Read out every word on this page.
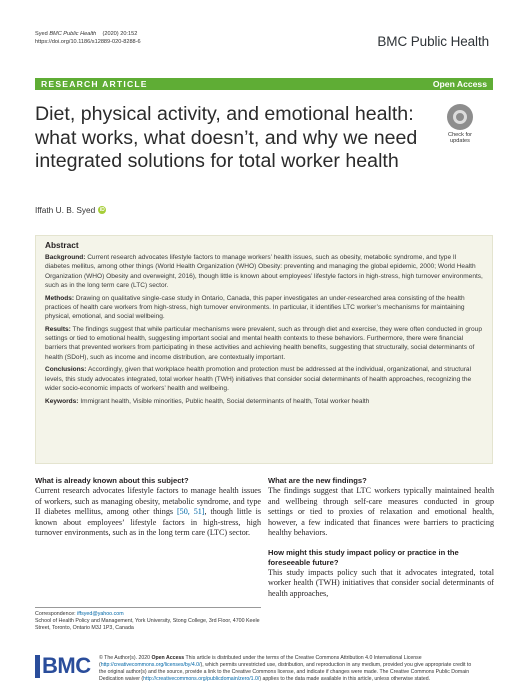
Syed BMC Public Health (2020) 20:152
https://doi.org/10.1186/s12889-020-8288-6	BMC Public Health
RESEARCH ARTICLE	Open Access
Diet, physical activity, and emotional health: what works, what doesn’t, and why we need integrated solutions for total worker health
Check for
updates
Iffath U. B. Syed iD
Abstract

Background: Current research advocates lifestyle factors to manage workers’ health issues, such as obesity, metabolic syndrome, and type II diabetes mellitus, among other things (World Health Organization (WHO) Obesity: preventing and managing the global epidemic, 2000; World Health Organization (WHO) Obesity and overweight, 2016), though little is known about employees’ lifestyle factors in high-stress, high turnover environments, such as in the long term care (LTC) sector.

Methods: Drawing on qualitative single-case study in Ontario, Canada, this paper investigates an under-researched area consisting of the health practices of health care workers from high-stress, high turnover environments. In particular, it identifies LTC worker’s mechanisms for maintaining physical, emotional, and social wellbeing.

Results: The findings suggest that while particular mechanisms were prevalent, such as through diet and exercise, they were often conducted in group settings or tied to emotional health, suggesting important social and mental health contexts to these behaviors. Furthermore, there were financial barriers that prevented workers from participating in these activities and achieving health benefits, suggesting that structurally, social determinants of health (SDoH), such as income and income distribution, are contextually important.

Conclusions: Accordingly, given that workplace health promotion and protection must be addressed at the individual, organizational, and structural levels, this study advocates integrated, total worker health (TWH) initiatives that consider social determinants of health approaches, recognizing the wider socio-economic impacts of workers’ health and wellbeing.

Keywords: Immigrant health, Visible minorities, Public health, Social determinants of health, Total worker health

What is already known about this subject?

Current research advocates lifestyle factors to manage health issues of workers, such as managing obesity, metabolic syndrome, and type II diabetes mellitus, among other things [50, 51], though little is known about employees’ lifestyle factors in high-stress, high turnover environments, such as in the long term care (LTC) sector.

What are the new findings?

The findings suggest that LTC workers typically maintained health and wellbeing through self-care measures conducted in group settings or tied to proxies of relaxation and emotional health, however, a few indicated that finances were barriers to practicing healthy behaviors.

How might this study impact policy or practice in the foreseeable future?

This study impacts policy such that it advocates integrated, total worker health (TWH) initiatives that consider social determinants of health approaches,

Correspondence: iffsyed@yahoo.com
School of Health Policy and Management, York University, Stong College, 3rd Floor, 4700 Keele Street, Toronto, Ontario M3J 1P3, Canada
BMC © The Author(s). 2020 Open Access This article is distributed under the terms of the Creative Commons Attribution 4.0 International License (http://creativecommons.org/licenses/by/4.0/), which permits unrestricted use, distribution, and reproduction in any medium, provided you give appropriate credit to the original author(s) and the source, provide a link to the Creative Commons license, and indicate if changes were made. The Creative Commons Public Domain Dedication waiver (http://creativecommons.org/publicdomain/zero/1.0/) applies to the data made available in this article, unless otherwise stated.
